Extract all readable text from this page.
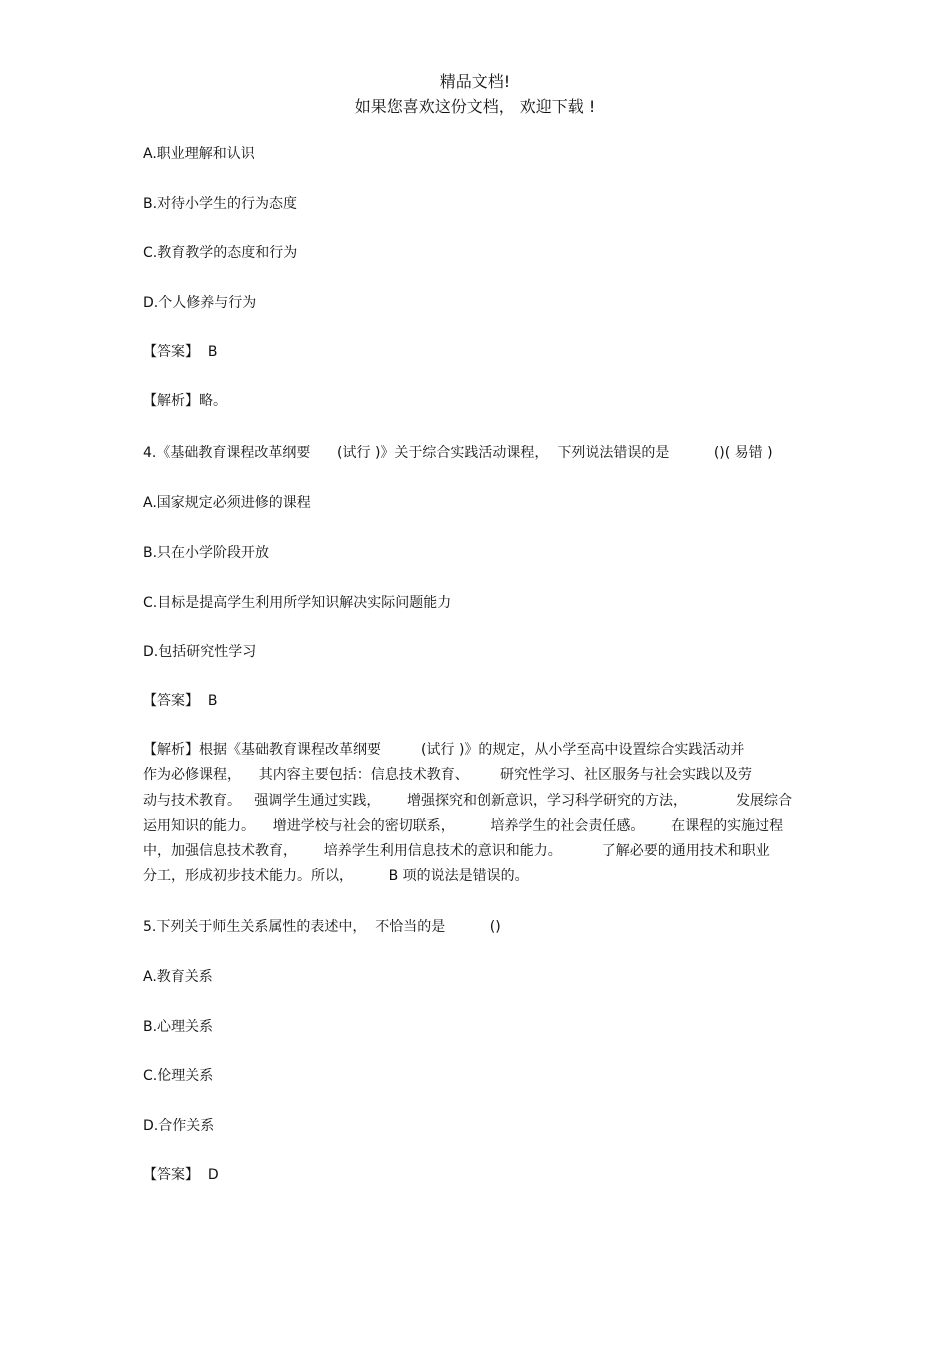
精品文档!
如果您喜欢这份文档， 欢迎下载 !
A.职业理解和认识
B.对待小学生的行为态度
C.教育教学的态度和行为
D.个人修养与行为
【答案】  B
【解析】略。
4.《基础教育课程改革纲要      (试行 )》关于综合实践活动课程，  下列说法错误的是          ()( 易错 )
A.国家规定必须进修的课程
B.只在小学阶段开放
C.目标是提高学生利用所学知识解决实际问题能力
D.包括研究性学习
【答案】  B
【解析】根据《基础教育课程改革纲要         (试行 )》的规定，从小学至高中设置综合实践活动并
作为必修课程，    其内容主要包括：信息技术教育、       研究性学习、社区服务与社会实践以及劳
动与技术教育。   强调学生通过实践，      增强探究和创新意识，学习科学研究的方法，           发展综合
运用知识的能力。    增进学校与社会的密切联系，        培养学生的社会责任感。      在课程的实施过程
中，加强信息技术教育，      培养学生利用信息技术的意识和能力。         了解必要的通用技术和职业
分工，形成初步技术能力。所以，        B 项的说法是错误的。
5.下列关于师生关系属性的表述中，  不恰当的是          ()
A.教育关系
B.心理关系
C.伦理关系
D.合作关系
【答案】  D
